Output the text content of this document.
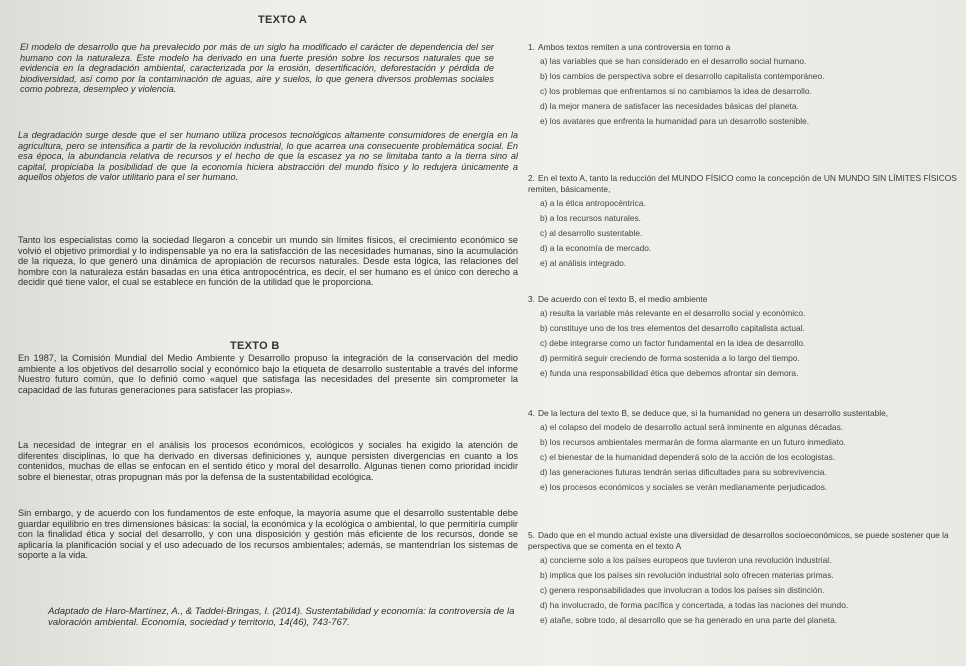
TEXTO A

El modelo de desarrollo que ha prevalecido por más de un siglo ha modificado el carácter de dependencia del ser humano con la naturaleza. Este modelo ha derivado en una fuerte presión sobre los recursos naturales que se evidencia en la degradación ambiental, caracterizada por la erosión, desertificación, deforestación y pérdida de biodiversidad, así como por la contaminación de aguas, aire y suelos, lo que genera diversos problemas sociales como pobreza, desempleo y violencia.

La degradación surge desde que el ser humano utiliza procesos tecnológicos altamente consumidores de energía en la agricultura, pero se intensifica a partir de la revolución industrial, lo que acarrea una consecuente problemática social. En esa época, la abundancia relativa de recursos y el hecho de que la escasez ya no se limitaba tanto a la tierra sino al capital, propiciaba la posibilidad de que la economía hiciera abstracción del mundo físico y lo redujera únicamente a aquellos objetos de valor utilitario para el ser humano.

Tanto los especialistas como la sociedad llegaron a concebir un mundo sin límites físicos, el crecimiento económico se volvió el objetivo primordial y lo indispensable ya no era la satisfacción de las necesidades humanas, sino la acumulación de la riqueza, lo que generó una dinámica de apropiación de recursos naturales. Desde esta lógica, las relaciones del hombre con la naturaleza están basadas en una ética antropocéntrica, es decir, el ser humano es el único con derecho a decidir qué tiene valor, el cual se establece en función de la utilidad que le proporciona.

TEXTO B

En 1987, la Comisión Mundial del Medio Ambiente y Desarrollo propuso la integración de la conservación del medio ambiente a los objetivos del desarrollo social y económico bajo la etiqueta de desarrollo sustentable a través del informe Nuestro futuro común, que lo definió como «aquel que satisfaga las necesidades del presente sin comprometer la capacidad de las futuras generaciones para satisfacer las propias».

La necesidad de integrar en el análisis los procesos económicos, ecológicos y sociales ha exigido la atención de diferentes disciplinas, lo que ha derivado en diversas definiciones y, aunque persisten divergencias en cuanto a los contenidos, muchas de ellas se enfocan en el sentido ético y moral del desarrollo. Algunas tienen como prioridad incidir sobre el bienestar, otras propugnan más por la defensa de la sustentabilidad ecológica.

Sin embargo, y de acuerdo con los fundamentos de este enfoque, la mayoría asume que el desarrollo sustentable debe guardar equilibrio en tres dimensiones básicas: la social, la económica y la ecológica o ambiental, lo que permitiría cumplir con la finalidad ética y social del desarrollo, y con una disposición y gestión más eficiente de los recursos, donde se aplicaría la planificación social y el uso adecuado de los recursos ambientales; además, se mantendrían los sistemas de soporte a la vida.

Adaptado de Haro-Martínez, A., & Taddei-Bringas, I. (2014). Sustentabilidad y economía: la controversia de la valoración ambiental. Economía, sociedad y territorio, 14(46), 743-767.

1. Ambos textos remiten a una controversia en torno a

a) las variables que se han considerado en el desarrollo social humano.

b) los cambios de perspectiva sobre el desarrollo capitalista contemporáneo.

c) los problemas que enfrentamos si no cambiamos la idea de desarrollo.

d) la mejor manera de satisfacer las necesidades básicas del planeta.

e) los avatares que enfrenta la humanidad para un desarrollo sostenible.

2. En el texto A, tanto la reducción del MUNDO FÍSICO como la concepción de UN MUNDO SIN LÍMITES FÍSICOS remiten, básicamente,

a) a la ética antropocéntrica.

b) a los recursos naturales.

c) al desarrollo sustentable.

d) a la economía de mercado.

e) al análisis integrado.

3. De acuerdo con el texto B, el medio ambiente

a) resulta la variable más relevante en el desarrollo social y económico.

b) constituye uno de los tres elementos del desarrollo capitalista actual.

c) debe integrarse como un factor fundamental en la idea de desarrollo.

d) permitirá seguir creciendo de forma sostenida a lo largo del tiempo.

e) funda una responsabilidad ética que debemos afrontar sin demora.

4. De la lectura del texto B, se deduce que, si la humanidad no genera un desarrollo sustentable,

a) el colapso del modelo de desarrollo actual será inminente en algunas décadas.

b) los recursos ambientales mermarán de forma alarmante en un futuro inmediato.

c) el bienestar de la humanidad dependerá solo de la acción de los ecologistas.

d) las generaciones futuras tendrán serias dificultades para su sobrevivencia.

e) los procesos económicos y sociales se verán medianamente perjudicados.

5. Dado que en el mundo actual existe una diversidad de desarrollos socioeconómicos, se puede sostener que la perspectiva que se comenta en el texto A

a) concierne solo a los países europeos que tuvieron una revolución industrial.

b) implica que los países sin revolución industrial solo ofrecen materias primas.

c) genera responsabilidades que involucran a todos los países sin distinción.

d) ha involucrado, de forma pacífica y concertada, a todas las naciones del mundo.

e) atañe, sobre todo, al desarrollo que se ha generado en una parte del planeta.
